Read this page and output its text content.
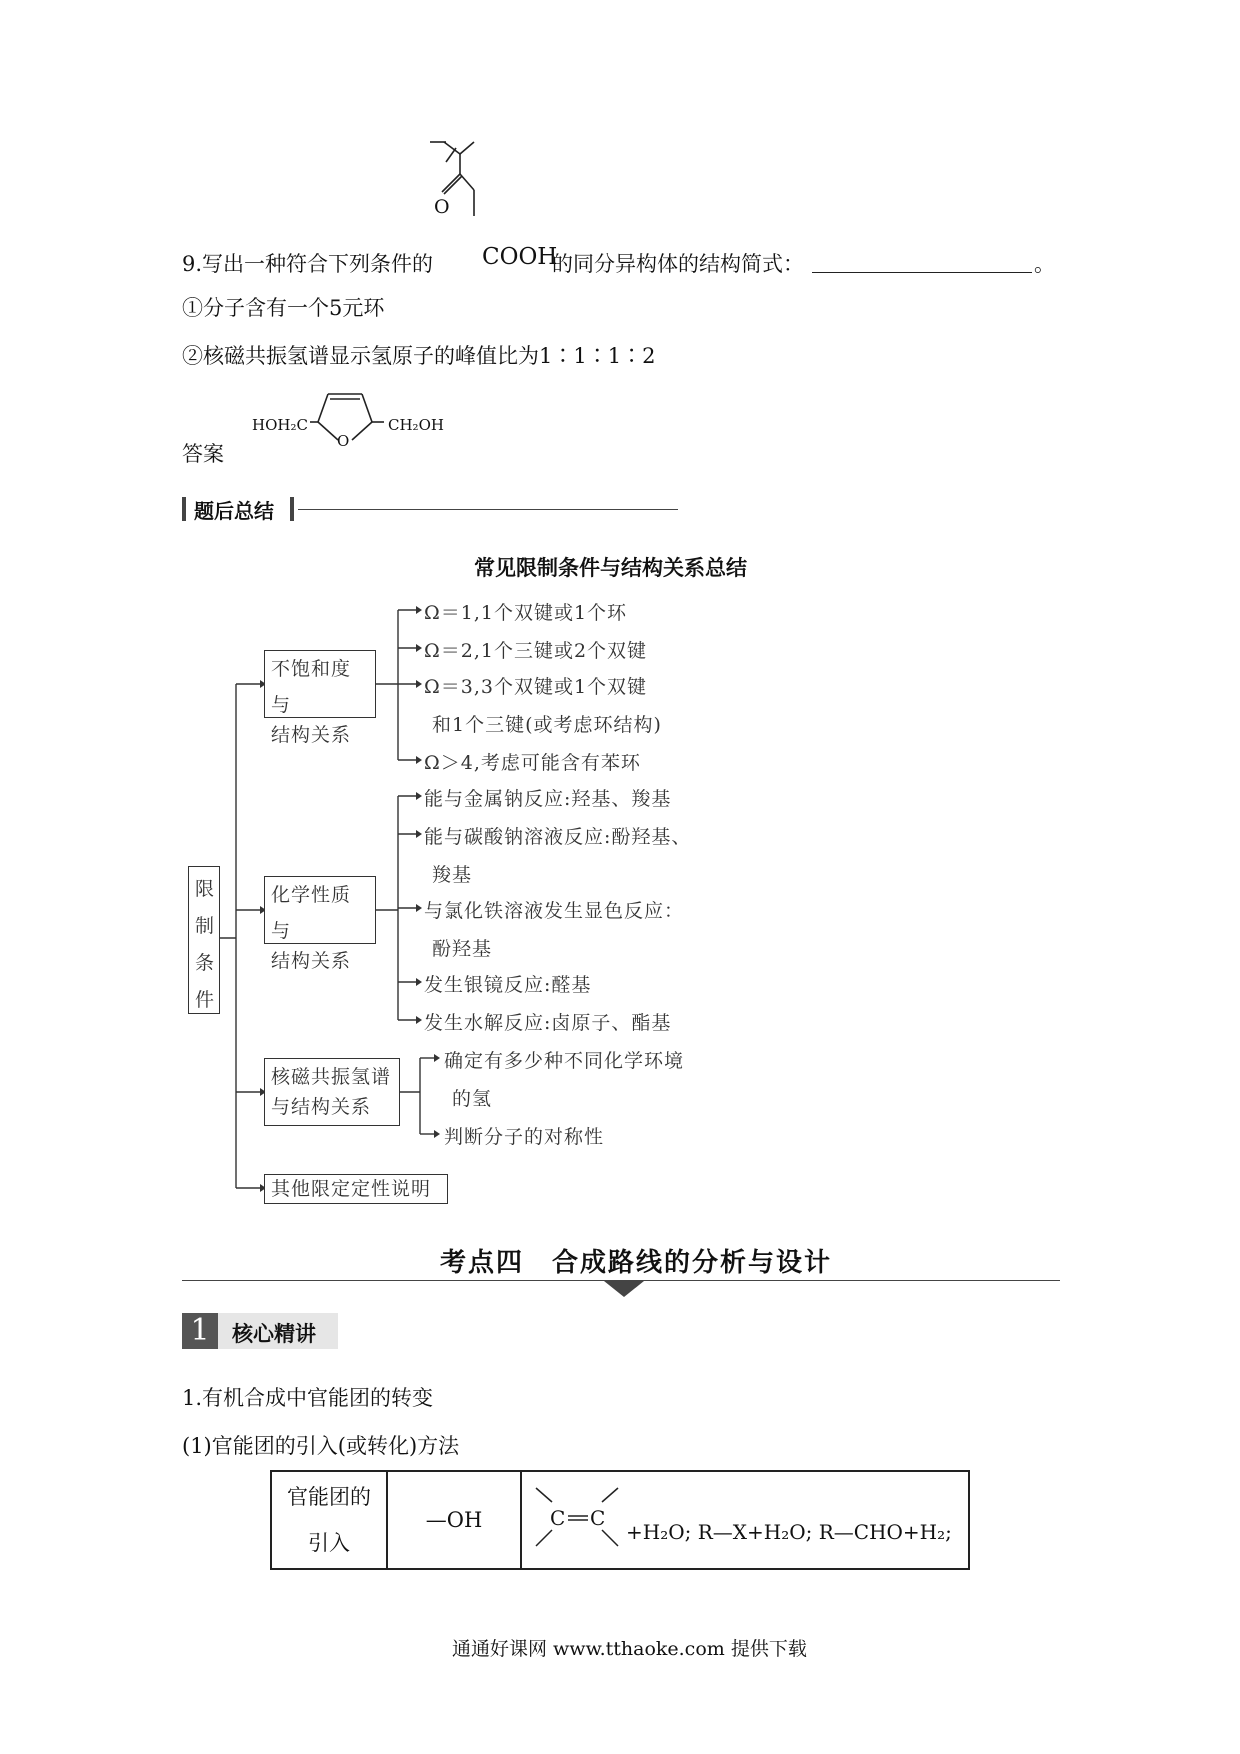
O
9.写出一种符合下列条件的 COOH
的同分异构体的结构简式：	。
①分子含有一个5元环
②核磁共振氢谱显示氢原子的峰值比为1∶1∶1∶2
答案
HOH₂C
O
CH₂OH
题后总结
常见限制条件与结构关系总结
限
制
条
件
不饱和度与
结构关系
化学性质与
结构关系
核磁共振氢谱
与结构关系
其他限定定性说明
Ω＝1,1个双键或1个环
Ω＝2,1个三键或2个双键
Ω＝3,3个双键或1个双键
和1个三键(或考虑环结构)
Ω＞4,考虑可能含有苯环
能与金属钠反应:羟基、羧基
能与碳酸钠溶液反应:酚羟基、
羧基
与氯化铁溶液发生显色反应：
酚羟基
发生银镜反应:醛基
发生水解反应:卤原子、酯基
确定有多少种不同化学环境
的氢
判断分子的对称性
考点四　合成路线的分析与设计
1	核心精讲
1.有机合成中官能团的转变
(1)官能团的引入(或转化)方法
官能团的
引入
	—OH	C C
+H₂O; R—X+H₂O; R—CHO+H₂;
通通好课网 www.tthaoke.com 提供下载
